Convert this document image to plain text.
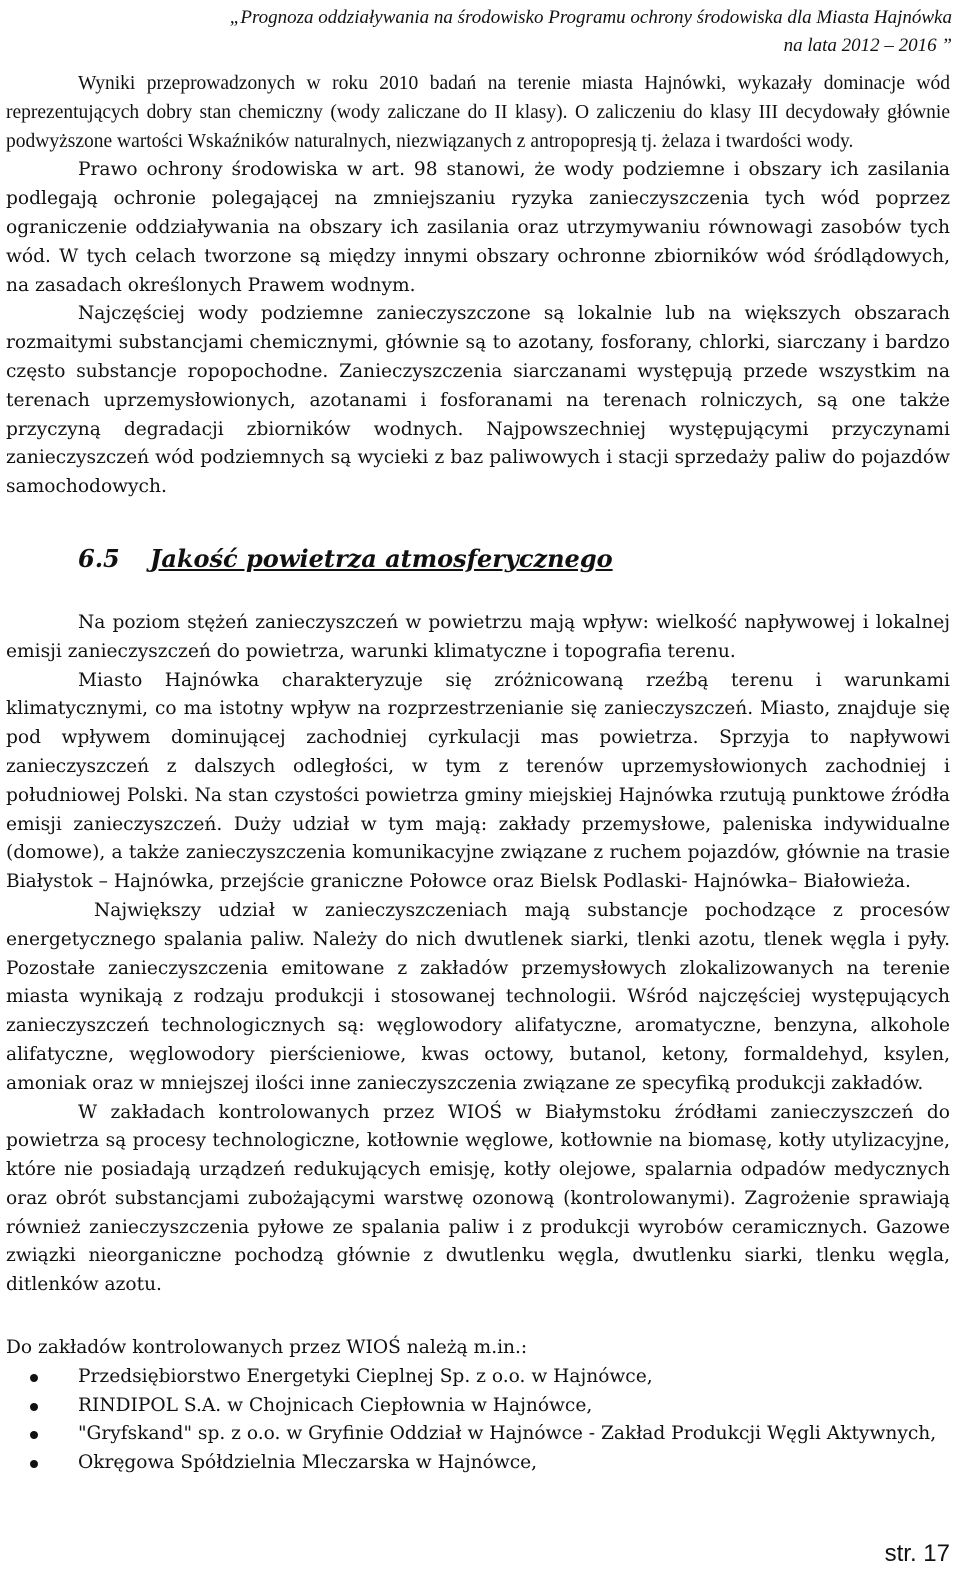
„Prognoza oddziaływania na środowisko Programu ochrony środowiska dla Miasta Hajnówka
na lata 2012 – 2016 ”

Wyniki przeprowadzonych w roku 2010 badań na terenie miasta Hajnówki, wykazały dominacje wód reprezentujących dobry stan chemiczny (wody zaliczane do II klasy). O zaliczeniu do klasy III decydowały głównie podwyższone wartości Wskaźników naturalnych, niezwiązanych z antropopresją tj. żelaza i twardości wody.

Prawo ochrony środowiska w art. 98 stanowi, że wody podziemne i obszary ich zasilania podlegają ochronie polegającej na zmniejszaniu ryzyka zanieczyszczenia tych wód poprzez ograniczenie oddziaływania na obszary ich zasilania oraz utrzymywaniu równowagi zasobów tych wód. W tych celach tworzone są między innymi obszary ochronne zbiorników wód śródlądowych, na zasadach określonych Prawem wodnym.

Najczęściej wody podziemne zanieczyszczone są lokalnie lub na większych obszarach rozmaitymi substancjami chemicznymi, głównie są to azotany, fosforany, chlorki, siarczany i bardzo często substancje ropopochodne. Zanieczyszczenia siarczanami występują przede wszystkim na terenach uprzemysłowionych, azotanami i fosforanami na terenach rolniczych, są one także przyczyną degradacji zbiorników wodnych. Najpowszechniej występującymi przyczynami zanieczyszczeń wód podziemnych są wycieki z baz paliwowych i stacji sprzedaży paliw do pojazdów samochodowych.

6.5 Jakość powietrza atmosferycznego

Na poziom stężeń zanieczyszczeń w powietrzu mają wpływ: wielkość napływowej i lokalnej emisji zanieczyszczeń do powietrza, warunki klimatyczne i topografia terenu.

Miasto Hajnówka charakteryzuje się zróżnicowaną rzeźbą terenu i warunkami klimatycznymi, co ma istotny wpływ na rozprzestrzenianie się zanieczyszczeń. Miasto, znajduje się pod wpływem dominującej zachodniej cyrkulacji mas powietrza. Sprzyja to napływowi zanieczyszczeń z dalszych odległości, w tym z terenów uprzemysłowionych zachodniej i południowej Polski. Na stan czystości powietrza gminy miejskiej Hajnówka rzutują punktowe źródła emisji zanieczyszczeń. Duży udział w tym mają: zakłady przemysłowe, paleniska indywidualne (domowe), a także zanieczyszczenia komunikacyjne związane z ruchem pojazdów, głównie na trasie Białystok – Hajnówka, przejście graniczne Połowce oraz Bielsk Podlaski- Hajnówka– Białowieża.

Największy udział w zanieczyszczeniach mają substancje pochodzące z procesów energetycznego spalania paliw. Należy do nich dwutlenek siarki, tlenki azotu, tlenek węgla i pyły. Pozostałe zanieczyszczenia emitowane z zakładów przemysłowych zlokalizowanych na terenie miasta wynikają z rodzaju produkcji i stosowanej technologii. Wśród najczęściej występujących zanieczyszczeń technologicznych są: węglowodory alifatyczne, aromatyczne, benzyna, alkohole alifatyczne, węglowodory pierścieniowe, kwas octowy, butanol, ketony, formaldehyd, ksylen, amoniak oraz w mniejszej ilości inne zanieczyszczenia związane ze specyfiką produkcji zakładów.

W zakładach kontrolowanych przez WIOŚ w Białymstoku źródłami zanieczyszczeń do powietrza są procesy technologiczne, kotłownie węglowe, kotłownie na biomasę, kotły utylizacyjne, które nie posiadają urządzeń redukujących emisję, kotły olejowe, spalarnia odpadów medycznych oraz obrót substancjami zubożającymi warstwę ozonową (kontrolowanymi). Zagrożenie sprawiają również zanieczyszczenia pyłowe ze spalania paliw i z produkcji wyrobów ceramicznych. Gazowe związki nieorganiczne pochodzą głównie z dwutlenku węgla, dwutlenku siarki, tlenku węgla, ditlenków azotu.

Do zakładów kontrolowanych przez WIOŚ należą m.in.:

Przedsiębiorstwo Energetyki Cieplnej Sp. z o.o. w Hajnówce,
RINDIPOL S.A. w Chojnicach Ciepłownia w Hajnówce,
"Gryfskand" sp. z o.o. w Gryfinie Oddział w Hajnówce - Zakład Produkcji Węgli Aktywnych,
Okręgowa Spółdzielnia Mleczarska w Hajnówce,
str. 17
